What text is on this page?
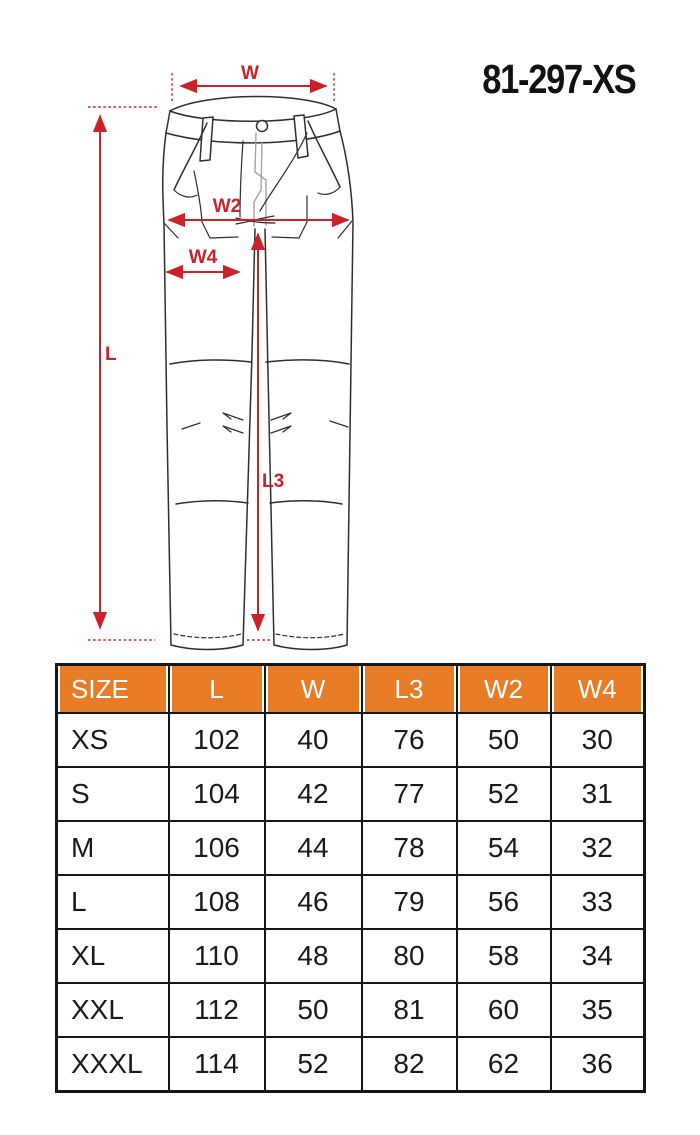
81-297-XS
W
L
W2
W4
L3
SIZE	L	W	L3	W2	W4
XS	102	40	76	50	30
S	104	42	77	52	31
M	106	44	78	54	32
L	108	46	79	56	33
XL	110	48	80	58	34
XXL	112	50	81	60	35
XXXL	114	52	82	62	36
